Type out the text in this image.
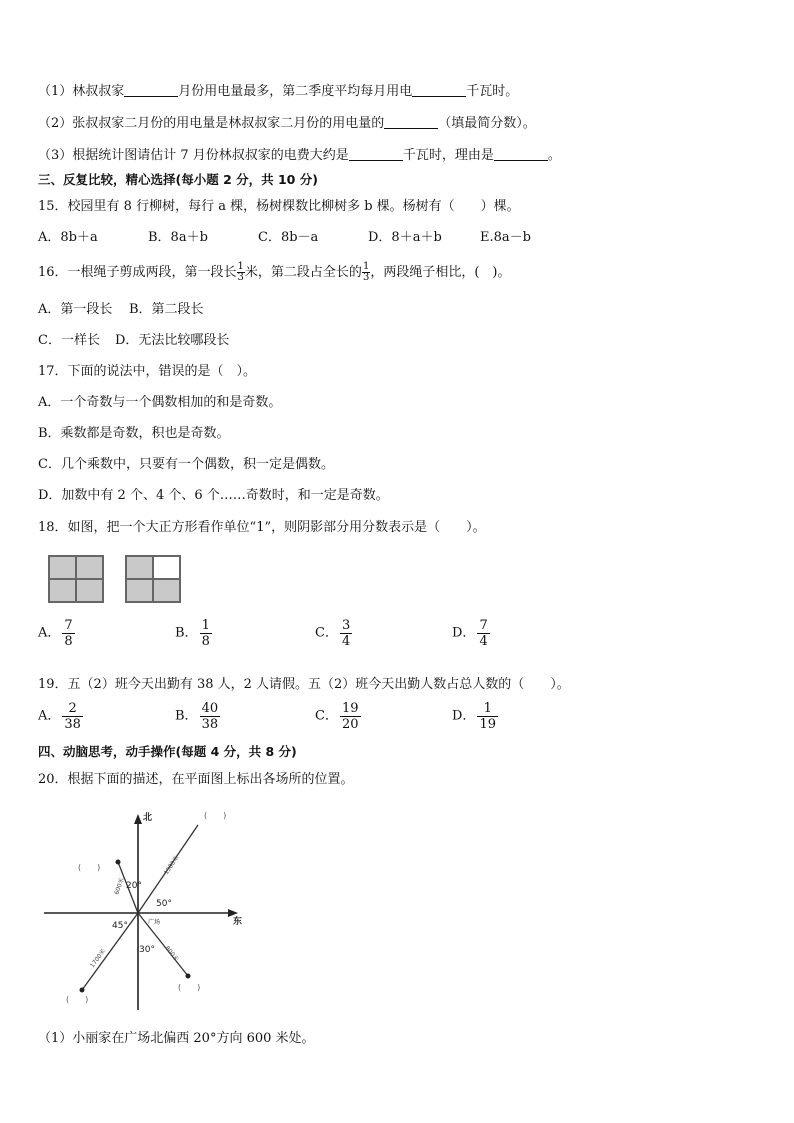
（1）林叔叔家	月份用电量最多，第二季度平均每月用电	千瓦时。
（2）张叔叔家二月份的用电量是林叔叔家二月份的用电量的	（填最简分数）。
（3）根据统计图请估计 7 月份林叔叔家的电费大约是	千瓦时，理由是	。
三、反复比较，精心选择(每小题 2 分，共 10 分)
15．校园里有 8 行柳树，每行 a 棵，杨树棵数比柳树多 b 棵。杨树有（　　）棵。
A．8b＋a	B．8a＋b	C．8b－a	D．8＋a＋b	E.8a－b
16．一根绳子剪成两段，第一段长 $\frac{1}{3}$ 米，第二段占全长的 $\frac{1}{3}$ ，两段绳子相比，(　)。
A．第一段长 B．第二段长
C．一样长 D．无法比较哪段长
17．下面的说法中，错误的是（　）。
A．一个奇数与一个偶数相加的和是奇数。
B．乘数都是奇数，积也是奇数。
C．几个乘数中，只要有一个偶数，积一定是偶数。
D．加数中有 2 个、4 个、6 个……奇数时，和一定是奇数。
18．如图，把一个大正方形看作单位“1”，则阴影部分用分数表示是（　　）。
A． $\frac{7}{8}$	B． $\frac{1}{8}$	C． $\frac{3}{4}$	D． $\frac{7}{4}$
19．五（2）班今天出勤有 38 人，2 人请假。五（2）班今天出勤人数占总人数的（　　）。
A． $\frac{2}{38}$	B． $\frac{40}{38}$	C． $\frac{19}{20}$	D． $\frac{1}{19}$
四、动脑思考，动手操作(每题 4 分，共 8 分)
20．根据下面的描述，在平面图上标出各场所的位置。
北
东
20°
50°
45°
30°
广场
1500米
600米
1700米	800米
(　　)
(　　)
(　　)
(　　)
（1）小丽家在广场北偏西 20°方向 600 米处。
